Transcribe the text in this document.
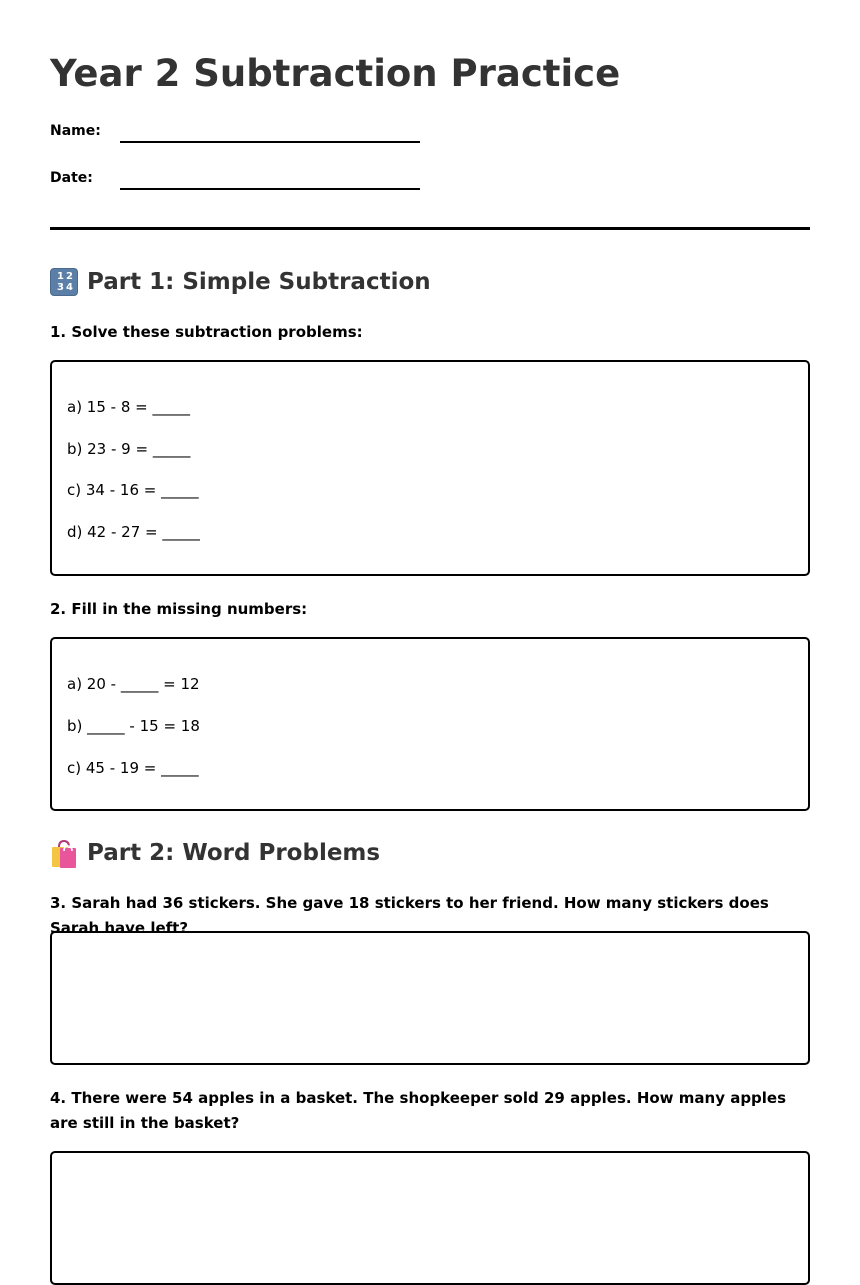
Year 2 Subtraction Practice
Name:
Date:
1 2
3 4 Part 1: Simple Subtraction

1. Solve these subtraction problems:

a) 15 - 8 = _____
b) 23 - 9 = _____
c) 34 - 16 = _____
d) 42 - 27 = _____

2. Fill in the missing numbers:

a) 20 - _____ = 12
b) _____ - 15 = 18
c) 45 - 19 = _____
Part 2: Word Problems

3. Sarah had 36 stickers. She gave 18 stickers to her friend. How many stickers does Sarah have left?

4. There were 54 apples in a basket. The shopkeeper sold 29 apples. How many apples are still in the basket?
